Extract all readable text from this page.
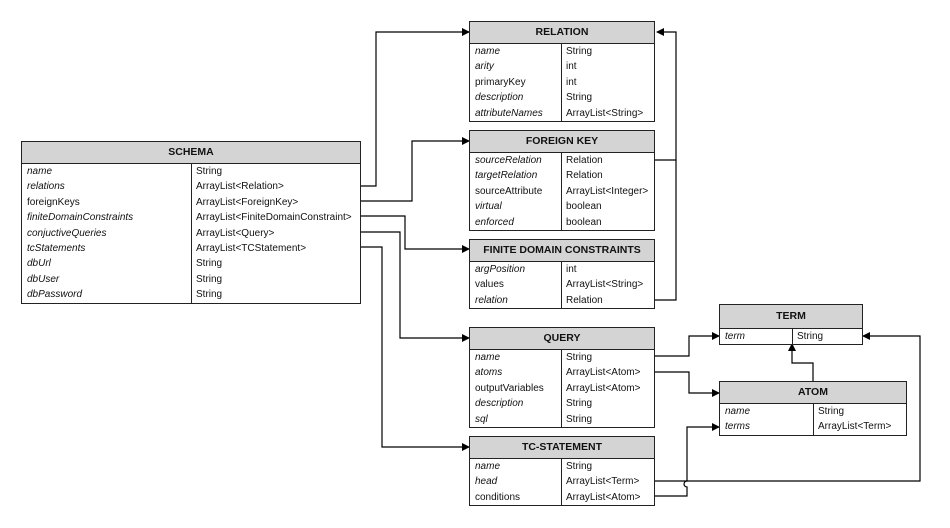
RELATION
name	String
arity	int
primaryKey	int
description	String
attributeNames	ArrayList<String>
FOREIGN KEY
sourceRelation	Relation
targetRelation	Relation
sourceAttribute	ArrayList<Integer>
virtual	boolean
enforced	boolean
FINITE DOMAIN CONSTRAINTS
argPosition	int
values	ArrayList<String>
relation	Relation
SCHEMA
name	String
relations	ArrayList<Relation>
foreignKeys	ArrayList<ForeignKey>
finiteDomainConstraints	ArrayList<FiniteDomainConstraint>
conjuctiveQueries	ArrayList<Query>
tcStatements	ArrayList<TCStatement>
dbUrl	String
dbUser	String
dbPassword	String
QUERY
name	String
atoms	ArrayList<Atom>
outputVariables	ArrayList<Atom>
description	String
sql	String
TC-STATEMENT
name	String
head	ArrayList<Term>
conditions	ArrayList<Atom>
TERM
term	String
ATOM
name	String
terms	ArrayList<Term>
